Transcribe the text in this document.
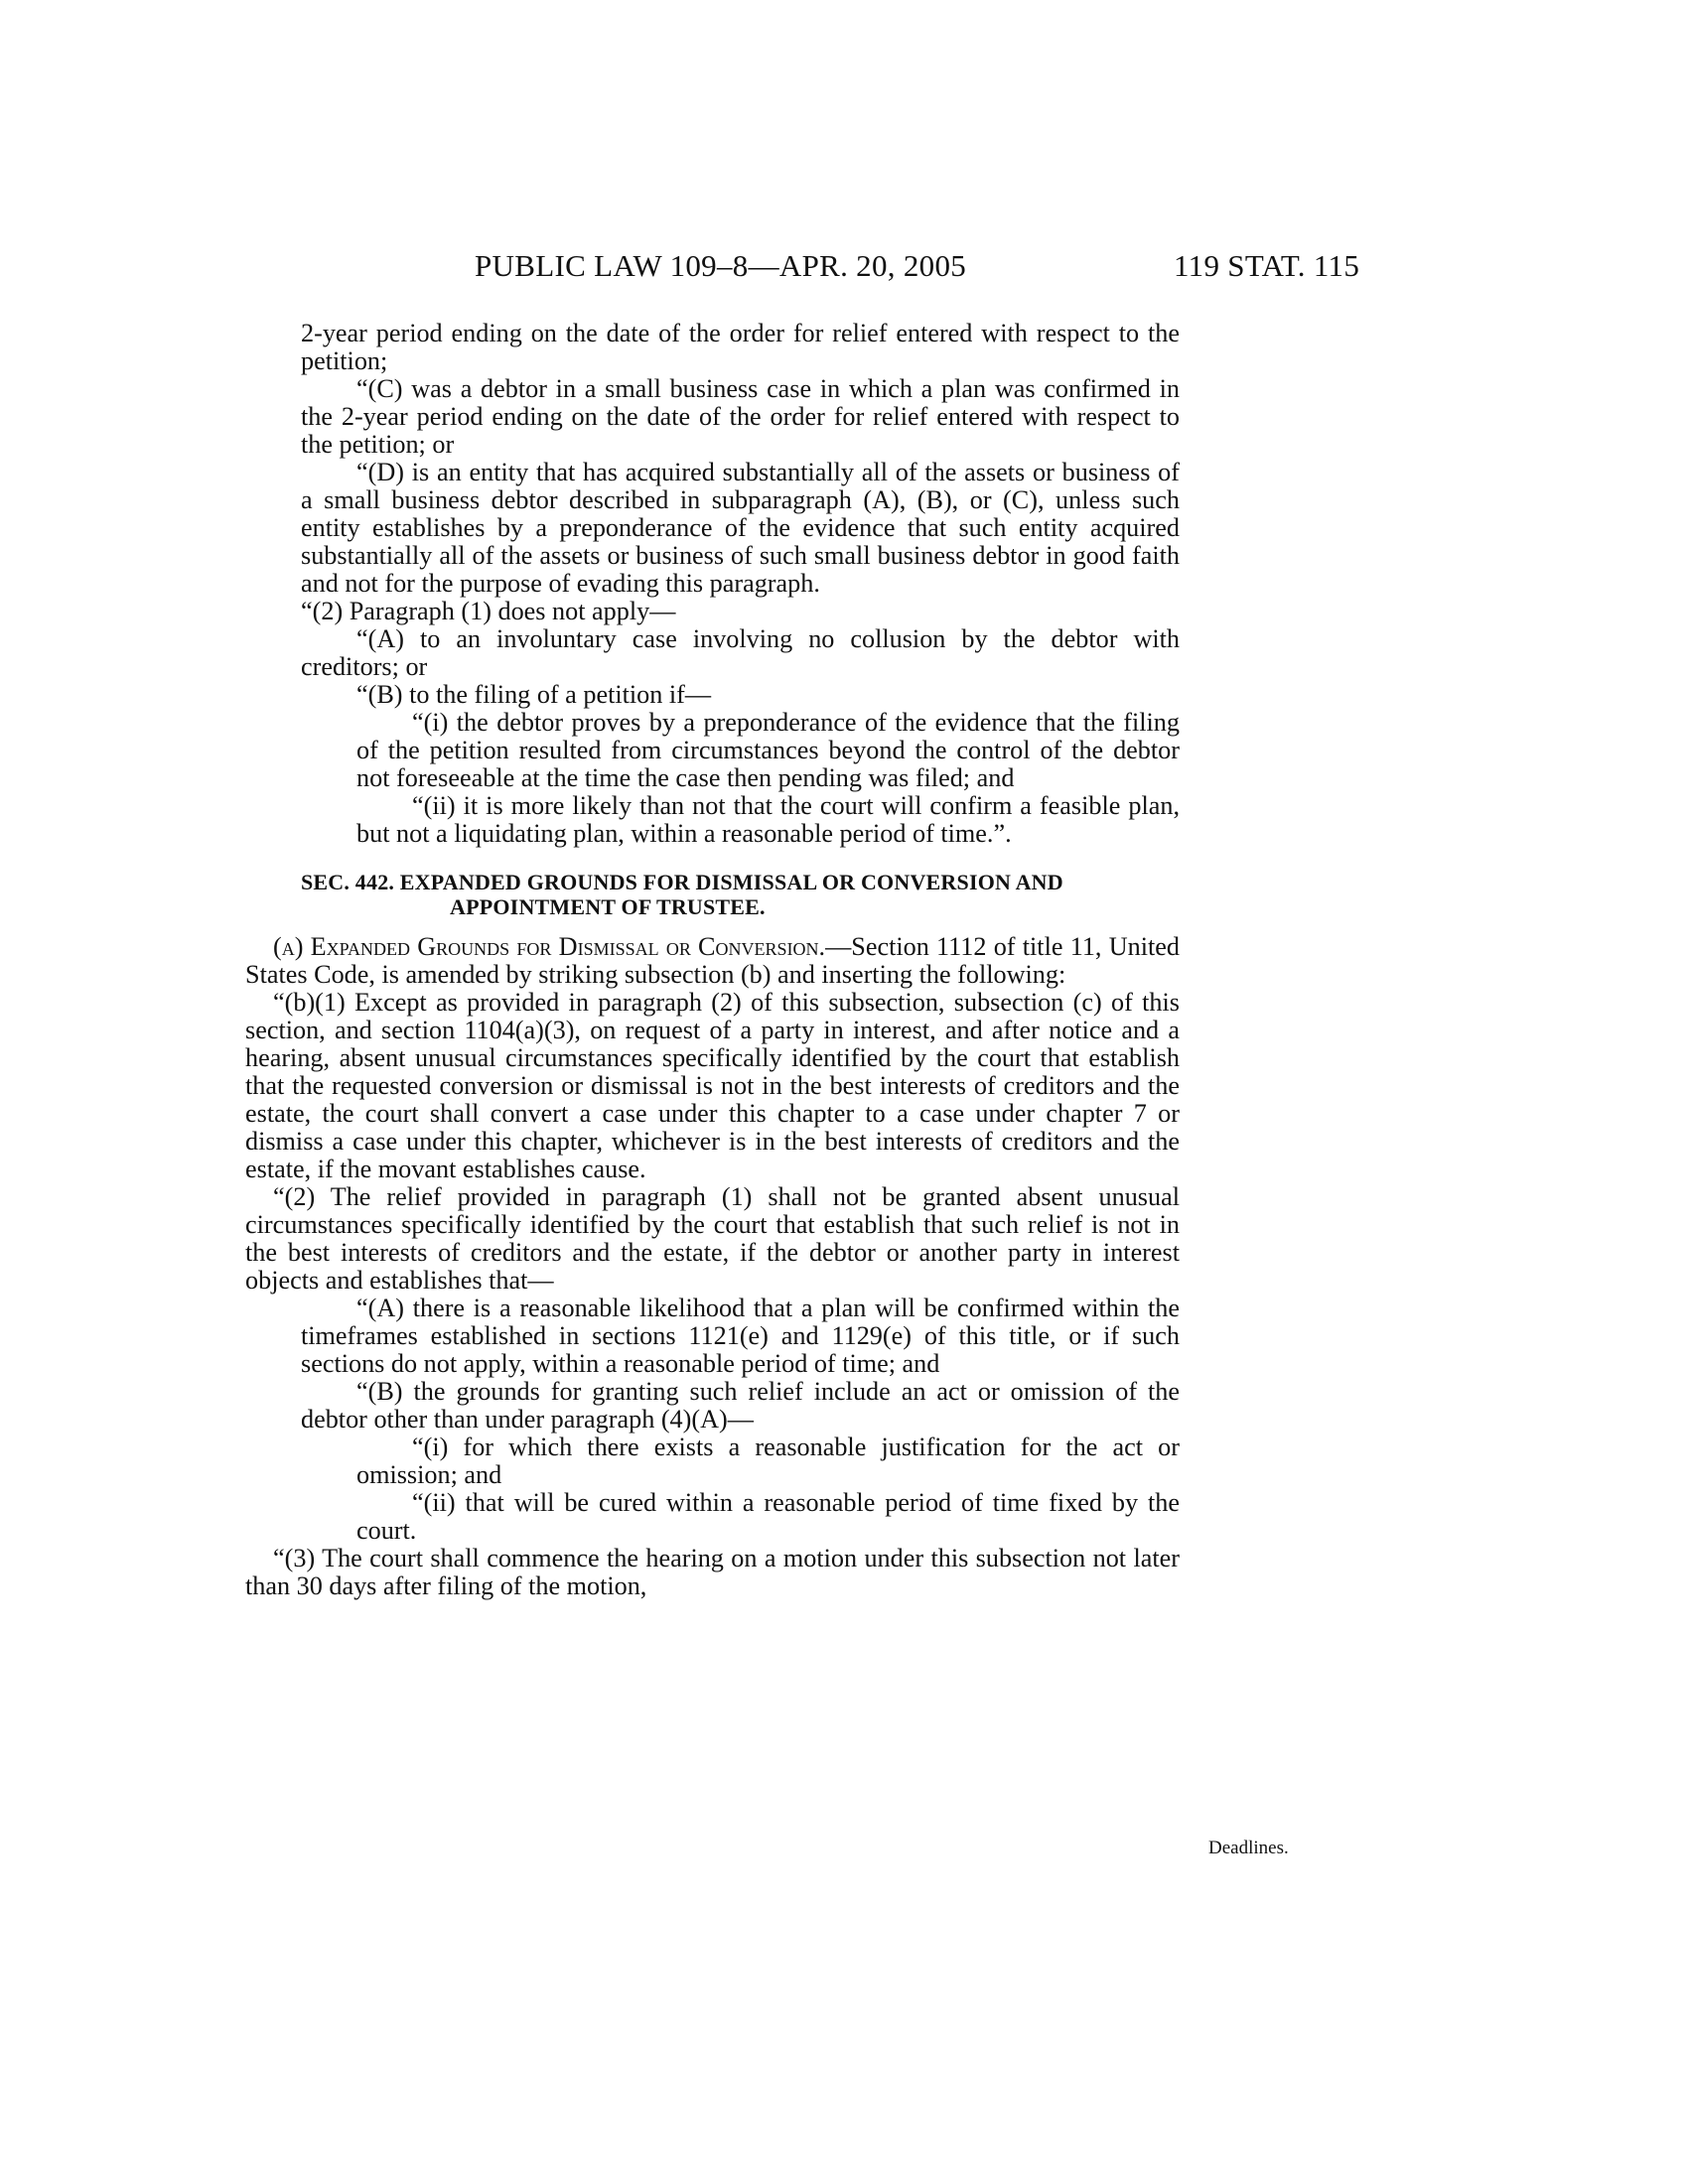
PUBLIC LAW 109–8—APR. 20, 2005	119 STAT. 115

2-year period ending on the date of the order for relief entered with respect to the petition;

“(C) was a debtor in a small business case in which a plan was confirmed in the 2-year period ending on the date of the order for relief entered with respect to the petition; or

“(D) is an entity that has acquired substantially all of the assets or business of a small business debtor described in subparagraph (A), (B), or (C), unless such entity establishes by a preponderance of the evidence that such entity acquired substantially all of the assets or business of such small business debtor in good faith and not for the purpose of evading this paragraph.

“(2) Paragraph (1) does not apply—

“(A) to an involuntary case involving no collusion by the debtor with creditors; or

“(B) to the filing of a petition if—

“(i) the debtor proves by a preponderance of the evidence that the filing of the petition resulted from circumstances beyond the control of the debtor not foreseeable at the time the case then pending was filed; and

“(ii) it is more likely than not that the court will confirm a feasible plan, but not a liquidating plan, within a reasonable period of time.”.

SEC. 442. EXPANDED GROUNDS FOR DISMISSAL OR CONVERSION AND APPOINTMENT OF TRUSTEE.

(a) Expanded Grounds for Dismissal or Conversion.—Section 1112 of title 11, United States Code, is amended by striking subsection (b) and inserting the following:

“(b)(1) Except as provided in paragraph (2) of this subsection, subsection (c) of this section, and section 1104(a)(3), on request of a party in interest, and after notice and a hearing, absent unusual circumstances specifically identified by the court that establish that the requested conversion or dismissal is not in the best interests of creditors and the estate, the court shall convert a case under this chapter to a case under chapter 7 or dismiss a case under this chapter, whichever is in the best interests of creditors and the estate, if the movant establishes cause.

“(2) The relief provided in paragraph (1) shall not be granted absent unusual circumstances specifically identified by the court that establish that such relief is not in the best interests of creditors and the estate, if the debtor or another party in interest objects and establishes that—

“(A) there is a reasonable likelihood that a plan will be confirmed within the timeframes established in sections 1121(e) and 1129(e) of this title, or if such sections do not apply, within a reasonable period of time; and

“(B) the grounds for granting such relief include an act or omission of the debtor other than under paragraph (4)(A)—

“(i) for which there exists a reasonable justification for the act or omission; and

“(ii) that will be cured within a reasonable period of time fixed by the court.

“(3) The court shall commence the hearing on a motion under this subsection not later than 30 days after filing of the motion,

Deadlines.
